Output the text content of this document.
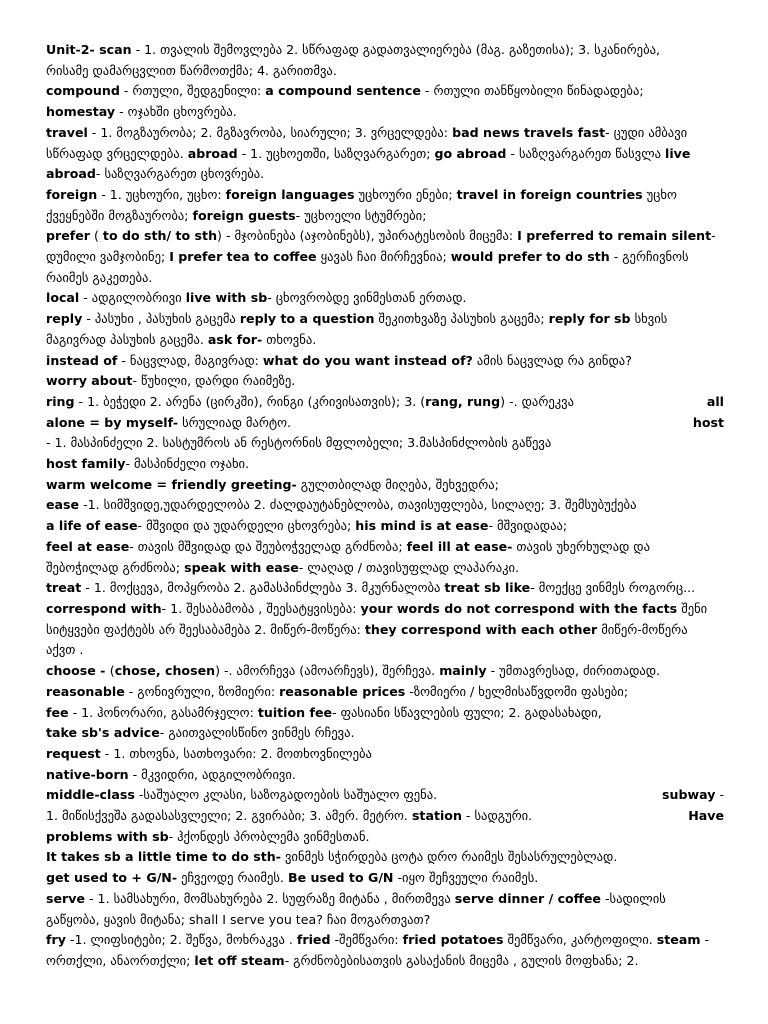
Unit-2- scan - 1. თვალის შემოვლება 2. სწრაფად გადათვალიერება (მაგ. გაზეთისა); 3. სკანირება,
რისამე დამარცვლით წარმოთქმა; 4. გარითმვა.
compound - რთული, შედგენილი: a compound sentence - რთული თანწყობილი წინადადება;
homestay - ოჯახში ცხოვრება.
travel - 1. მოგზაურობა; 2. მგზავრობა, სიარული; 3. ვრცელდება: bad news travels fast- ცუდი ამბავი
სწრაფად ვრცელდება. abroad - 1. უცხოეთში, საზღვარგარეთ; go abroad - საზღვარგარეთ წასვლა live
abroad- საზღვარგარეთ ცხოვრება.
foreign - 1. უცხოური, უცხო: foreign languages უცხოური ენები; travel in foreign countries უცხო
ქვეყნებში მოგზაურობა; foreign guests- უცხოელი სტუმრები;
prefer ( to do sth/ to sth) - მჯობინება (აჯობინებს), უპირატესობის მიცემა: I preferred to remain silent-
დუმილი ვამჯობინე; I prefer tea to coffee ყავას ჩაი მირჩევნია; would prefer to do sth - გერჩივნოს
რაიმეს გაკეთება.
local - ადგილობრივი live with sb- ცხოვრობდე ვინმესთან ერთად.
reply - პასუხი , პასუხის გაცემა reply to a question შეკითხვაზე პასუხის გაცემა; reply for sb სხვის
მაგივრად პასუხის გაცემა. ask for- თხოვნა.
instead of - ნაცვლად, მაგივრად: what do you want instead of? ამის ნაცვლად რა გინდა?
worry about- წუხილი, დარდი რაიმეზე.
all
ring - 1. ბეჭედი 2. არენა (ცირკში), რინგი (კრივისათვის); 3. (rang, rung) -. დარეკვა
host
alone = by myself- სრულიად მარტო.
- 1. მასპინძელი 2. სასტუმროს ან რესტორნის მფლობელი; 3.მასპინძლობის გაწევა
host family- მასპინძელი ოჯახი.
warm welcome = friendly greeting- გულთბილად მიღება, შეხვედრა;
ease -1. სიმშვიდე,უდარდელობა 2. ძალდაუტანებლობა, თავისუფლება, სილაღე; 3. შემსუბუქება
a life of ease- მშვიდი და უდარდელი ცხოვრება; his mind is at ease- მშვიდადაა;
feel at ease- თავის მშვიდად და შეუბოჭველად გრძნობა; feel ill at ease- თავის უხერხულად და
შებოჭილად გრძნობა; speak with ease- ლაღად / თავისუფლად ლაპარაკი.
treat - 1. მოქცევა, მოპყრობა 2. გამასპინძლება 3. მკურნალობა treat sb like- მოექცე ვინმეს როგორც...
correspond with- 1. შესაბამობა , შეესატყვისება: your words do not correspond with the facts შენი
სიტყვები ფაქტებს არ შეესაბამება 2. მიწერ-მოწერა: they correspond with each other მიწერ-მოწერა
აქვთ .
choose - (chose, chosen) -. ამორჩევა (ამოარჩევს), შერჩევა. mainly - უმთავრესად, ძირითადად.
reasonable - გონივრული, ზომიერი: reasonable prices -ზომიერი / ხელმისაწვდომი ფასები;
fee - 1. ჰონორარი, გასამრჯელო: tuition fee- ფასიანი სწავლების ფული; 2. გადასახადი,
take sb's advice- გაითვალისწინო ვინმეს რჩევა.
request - 1. თხოვნა, სათხოვარი: 2. მოთხოვნილება
native-born - მკვიდრი, ადგილობრივი.
subway -
middle-class -საშუალო კლასი, საზოგადოების საშუალო ფენა.
Have
1. მიწისქვეშა გადასასვლელი; 2. გვირაბი; 3. ამერ. მეტრო. station - სადგური.
problems with sb- ჰქონდეს პრობლემა ვინმესთან.
It takes sb a little time to do sth- ვინმეს სჭირდება ცოტა დრო რაიმეს შესასრულებლად.
get used to + G/N- ეჩვეოდე რაიმეს. Be used to G/N -იყო შეჩვეული რაიმეს.
serve - 1. სამსახური, მომსახურება 2. სუფრაზე მიტანა , მირთმევა serve dinner / coffee -სადილის
გაწყობა, ყავის მიტანა; shall I serve you tea? ჩაი მოგართვათ?
fry -1. ლიფსიტები; 2. შეწვა, მოხრაკვა . fried -შემწვარი: fried potatoes შემწვარი, კარტოფილი. steam -
ორთქლი, ანაორთქლი; let off steam- გრძნობებისათვის გასაქანის მიცემა , გულის მოფხანა; 2.
